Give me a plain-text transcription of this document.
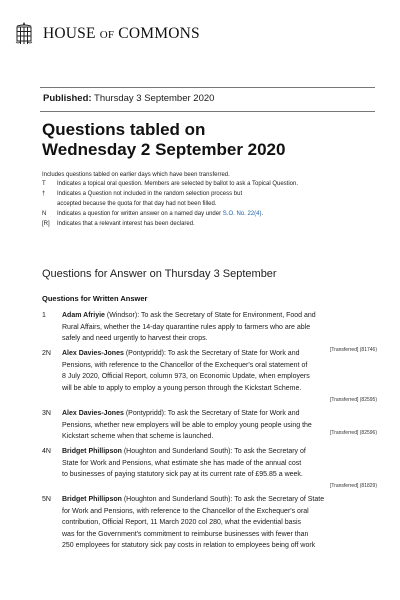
HOUSE OF COMMONS
Published: Thursday 3 September 2020
Questions tabled on
Wednesday 2 September 2020
Includes questions tabled on earlier days which have been transferred.
T	Indicates a topical oral question. Members are selected by ballot to ask a Topical Question.
†	Indicates a Question not included in the random selection process but
accepted because the quota for that day had not been filled.
N	Indicates a question for written answer on a named day under S.O. No. 22(4).
[R]	Indicates that a relevant interest has been declared.
Questions for Answer on Thursday 3 September
Questions for Written Answer
1	Adam Afriyie (Windsor): To ask the Secretary of State for Environment, Food and
Rural Affairs, whether the 14-day quarantine rules apply to farmers who are able
safely and need urgently to harvest their crops.
[Transferred] (81746)
2N	Alex Davies-Jones (Pontypridd): To ask the Secretary of State for Work and
Pensions, with reference to the Chancellor of the Exchequer's oral statement of
8 July 2020, Official Report, column 973, on Economic Update, when employers
will be able to apply to employ a young person through the Kickstart Scheme.
[Transferred] (82595)
3N	Alex Davies-Jones (Pontypridd): To ask the Secretary of State for Work and
Pensions, whether new employers will be able to employ young people using the
Kickstart scheme when that scheme is launched.	[Transferred] (82596)
4N	Bridget Phillipson (Houghton and Sunderland South): To ask the Secretary of
State for Work and Pensions, what estimate she has made of the annual cost
to businesses of paying statutory sick pay at its current rate of £95.85 a week.
[Transferred] (81829)
5N	Bridget Phillipson (Houghton and Sunderland South): To ask the Secretary of State
for Work and Pensions, with reference to the Chancellor of the Exchequer's oral
contribution, Official Report, 11 March 2020 col 280, what the evidential basis
was for the Government's commitment to reimburse businesses with fewer than
250 employees for statutory sick pay costs in relation to employees being off work
